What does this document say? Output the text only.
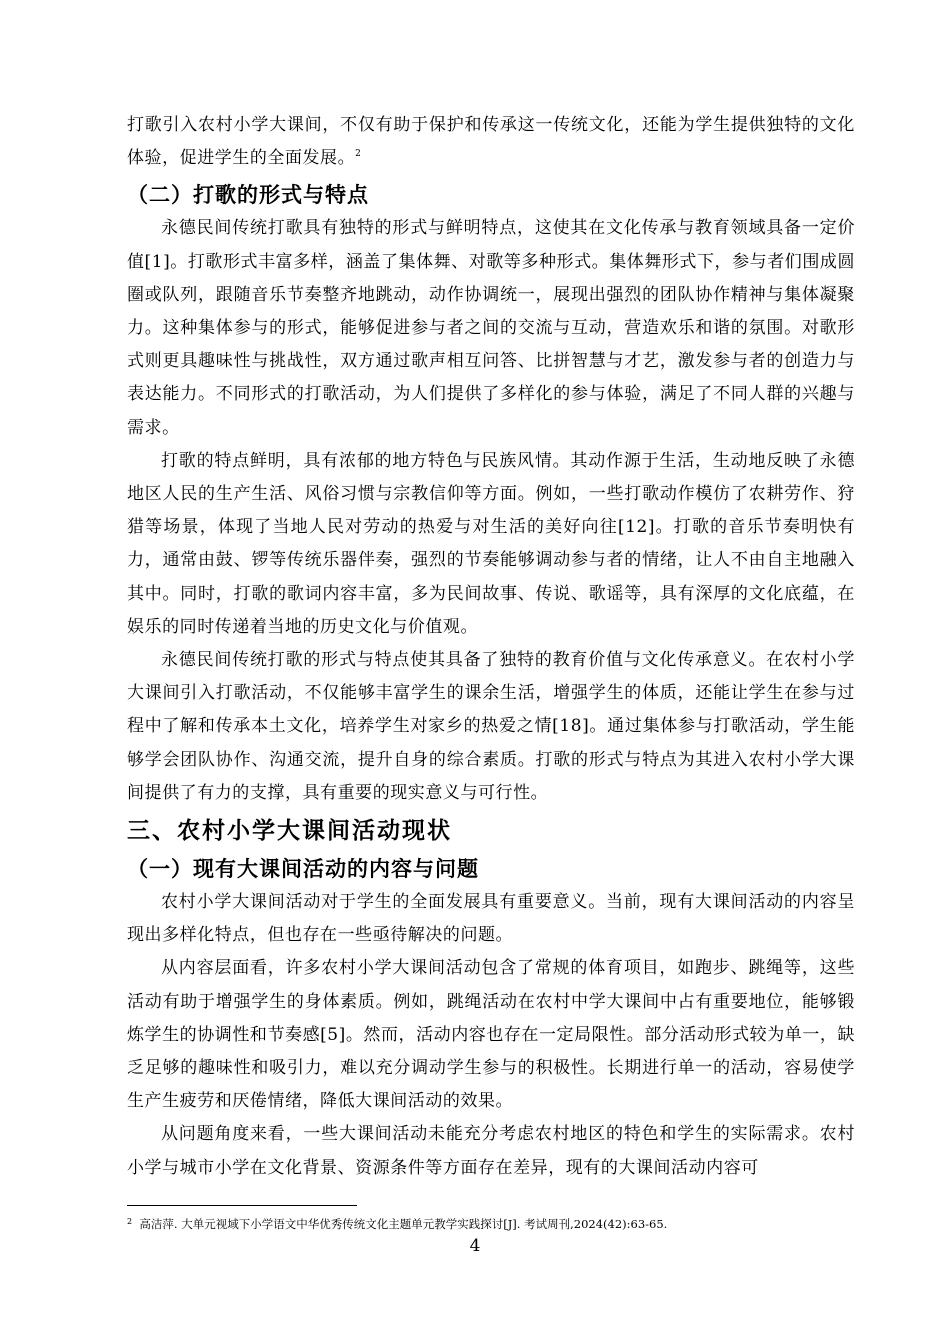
打歌引入农村小学大课间，不仅有助于保护和传承这一传统文化，还能为学生提供独特的文化体验，促进学生的全面发展。$^2$

（二）打歌的形式与特点

永德民间传统打歌具有独特的形式与鲜明特点，这使其在文化传承与教育领域具备一定价值[1]。打歌形式丰富多样，涵盖了集体舞、对歌等多种形式。集体舞形式下，参与者们围成圆圈或队列，跟随音乐节奏整齐地跳动，动作协调统一，展现出强烈的团队协作精神与集体凝聚力。这种集体参与的形式，能够促进参与者之间的交流与互动，营造欢乐和谐的氛围。对歌形式则更具趣味性与挑战性，双方通过歌声相互问答、比拼智慧与才艺，激发参与者的创造力与表达能力。不同形式的打歌活动，为人们提供了多样化的参与体验，满足了不同人群的兴趣与需求。

打歌的特点鲜明，具有浓郁的地方特色与民族风情。其动作源于生活，生动地反映了永德地区人民的生产生活、风俗习惯与宗教信仰等方面。例如，一些打歌动作模仿了农耕劳作、狩猎等场景，体现了当地人民对劳动的热爱与对生活的美好向往[12]。打歌的音乐节奏明快有力，通常由鼓、锣等传统乐器伴奏，强烈的节奏能够调动参与者的情绪，让人不由自主地融入其中。同时，打歌的歌词内容丰富，多为民间故事、传说、歌谣等，具有深厚的文化底蕴，在娱乐的同时传递着当地的历史文化与价值观。

永德民间传统打歌的形式与特点使其具备了独特的教育价值与文化传承意义。在农村小学大课间引入打歌活动，不仅能够丰富学生的课余生活，增强学生的体质，还能让学生在参与过程中了解和传承本土文化，培养学生对家乡的热爱之情[18]。通过集体参与打歌活动，学生能够学会团队协作、沟通交流，提升自身的综合素质。打歌的形式与特点为其进入农村小学大课间提供了有力的支撑，具有重要的现实意义与可行性。

三、农村小学大课间活动现状
（一）现有大课间活动的内容与问题

农村小学大课间活动对于学生的全面发展具有重要意义。当前，现有大课间活动的内容呈现出多样化特点，但也存在一些亟待解决的问题。

从内容层面看，许多农村小学大课间活动包含了常规的体育项目，如跑步、跳绳等，这些活动有助于增强学生的身体素质。例如，跳绳活动在农村中学大课间中占有重要地位，能够锻炼学生的协调性和节奏感[5]。然而，活动内容也存在一定局限性。部分活动形式较为单一，缺乏足够的趣味性和吸引力，难以充分调动学生参与的积极性。长期进行单一的活动，容易使学生产生疲劳和厌倦情绪，降低大课间活动的效果。

从问题角度来看，一些大课间活动未能充分考虑农村地区的特色和学生的实际需求。农村小学与城市小学在文化背景、资源条件等方面存在差异，现有的大课间活动内容可

$^2$ 高洁萍. 大单元视域下小学语文中华优秀传统文化主题单元教学实践探讨[J]. 考试周刊,2024(42):63-65.
4
